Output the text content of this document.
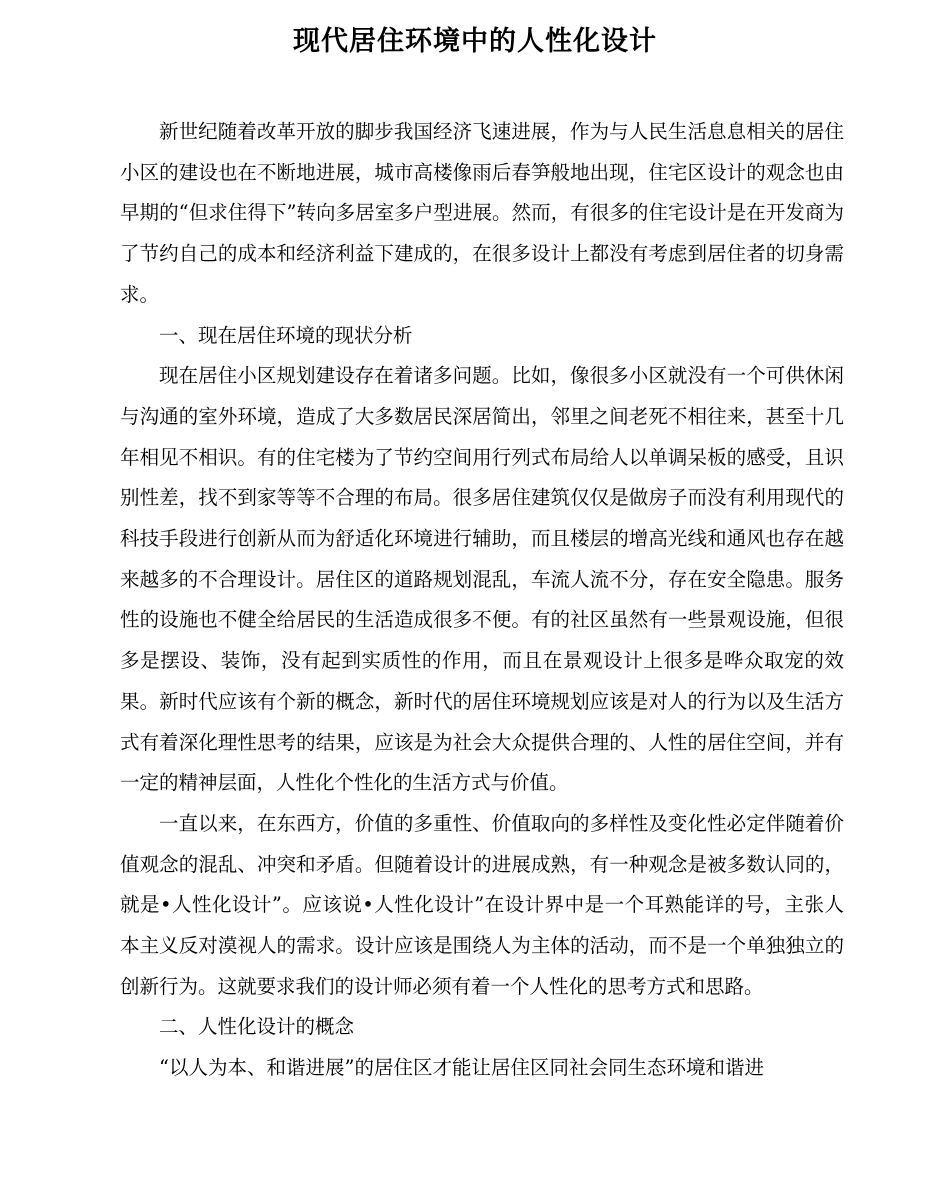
现代居住环境中的人性化设计

新世纪随着改革开放的脚步我国经济飞速进展，作为与人民生活息息相关的居住小区的建设也在不断地进展，城市高楼像雨后春笋般地出现，住宅区设计的观念也由早期的“但求住得下”转向多居室多户型进展。然而，有很多的住宅设计是在开发商为了节约自己的成本和经济利益下建成的，在很多设计上都没有考虑到居住者的切身需求。

一、现在居住环境的现状分析

现在居住小区规划建设存在着诸多问题。比如，像很多小区就没有一个可供休闲与沟通的室外环境，造成了大多数居民深居简出，邻里之间老死不相往来，甚至十几年相见不相识。有的住宅楼为了节约空间用行列式布局给人以单调呆板的感受，且识别性差，找不到家等等不合理的布局。很多居住建筑仅仅是做房子而没有利用现代的科技手段进行创新从而为舒适化环境进行辅助，而且楼层的增高光线和通风也存在越来越多的不合理设计。居住区的道路规划混乱，车流人流不分，存在安全隐患。服务性的设施也不健全给居民的生活造成很多不便。有的社区虽然有一些景观设施，但很多是摆设、装饰，没有起到实质性的作用，而且在景观设计上很多是哗众取宠的效果。新时代应该有个新的概念，新时代的居住环境规划应该是对人的行为以及生活方式有着深化理性思考的结果，应该是为社会大众提供合理的、人性的居住空间，并有一定的精神层面，人性化个性化的生活方式与价值。

一直以来，在东西方，价值的多重性、价值取向的多样性及变化性必定伴随着价值观念的混乱、冲突和矛盾。但随着设计的进展成熟，有一种观念是被多数认同的，就是•人性化设计”。应该说•人性化设计”在设计界中是一个耳熟能详的号，主张人本主义反对漠视人的需求。设计应该是围绕人为主体的活动，而不是一个单独独立的创新行为。这就要求我们的设计师必须有着一个人性化的思考方式和思路。

二、人性化设计的概念

“以人为本、和谐进展”的居住区才能让居住区同社会同生态环境和谐进
